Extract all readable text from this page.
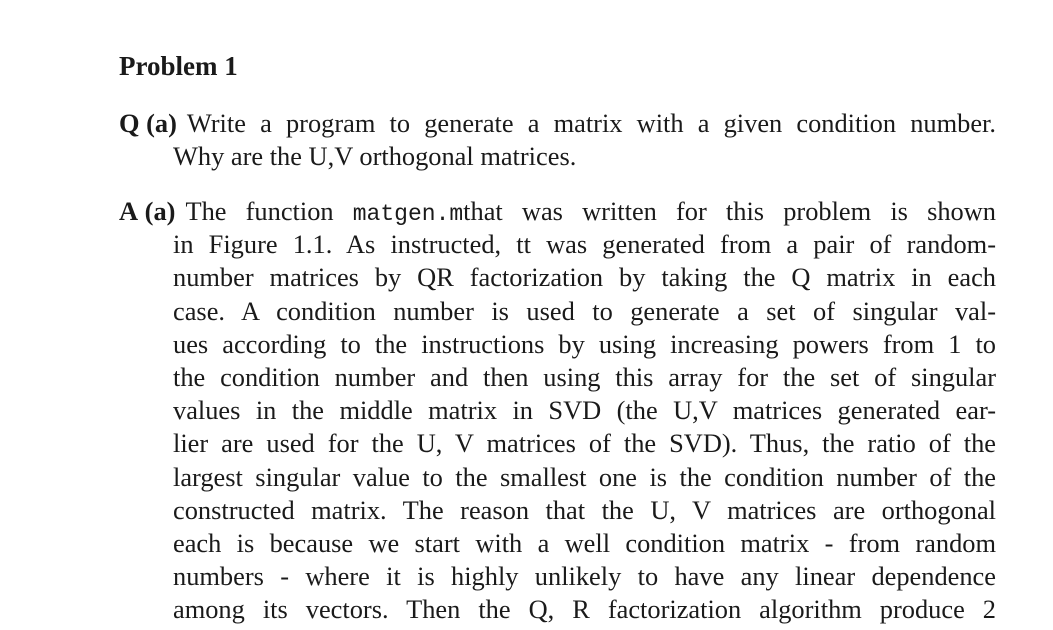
Problem 1
Q (a) Write a program to generate a matrix with a given condition number.
Why are the U,V orthogonal matrices.
A (a) The function matgen.mthat was written for this problem is shown
in Figure 1.1. As instructed, tt was generated from a pair of random-
number matrices by QR factorization by taking the Q matrix in each
case. A condition number is used to generate a set of singular val-
ues according to the instructions by using increasing powers from 1 to
the condition number and then using this array for the set of singular
values in the middle matrix in SVD (the U,V matrices generated ear-
lier are used for the U, V matrices of the SVD). Thus, the ratio of the
largest singular value to the smallest one is the condition number of the
constructed matrix. The reason that the U, V matrices are orthogonal
each is because we start with a well condition matrix - from random
numbers - where it is highly unlikely to have any linear dependence
among its vectors. Then the Q, R factorization algorithm produce 2
